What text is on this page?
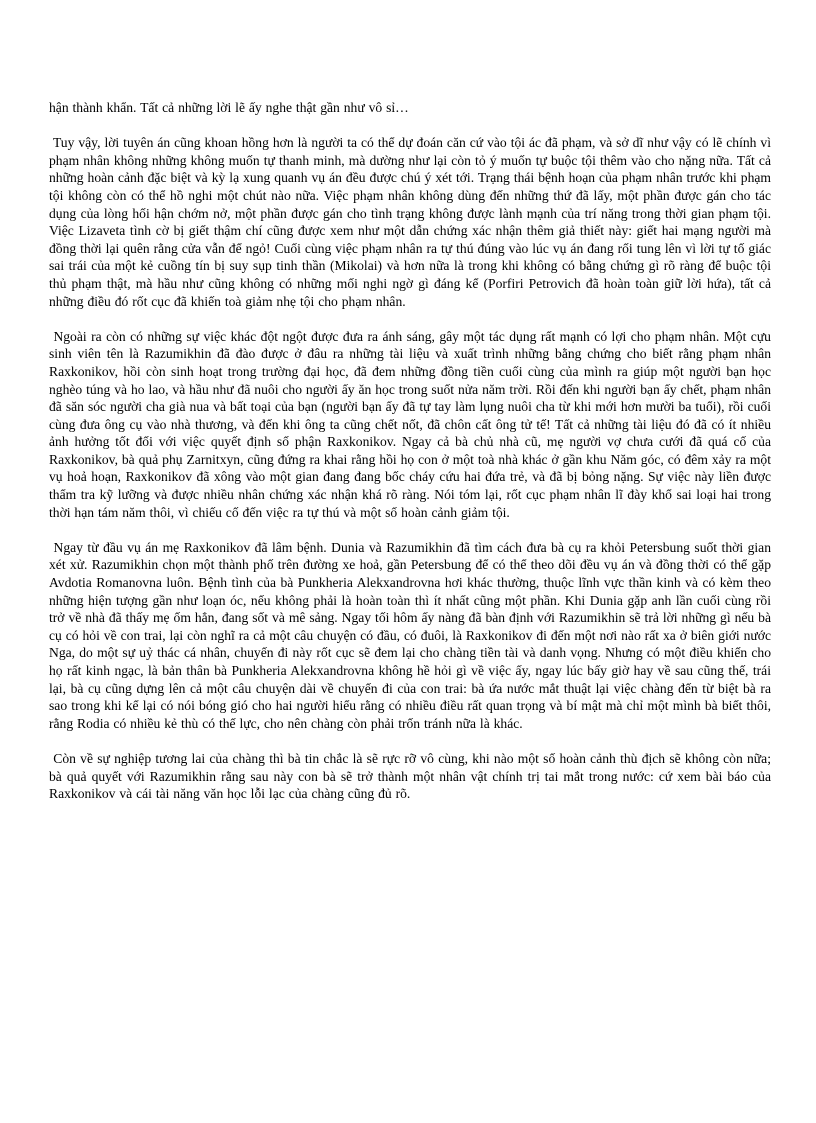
hận thành khẩn. Tất cả những lời lẽ ấy nghe thật gần như vô sỉ…

Tuy vậy, lời tuyên án cũng khoan hồng hơn là người ta có thể dự đoán căn cứ vào tội ác đã phạm, và sở dĩ như vậy có lẽ chính vì phạm nhân không những không muốn tự thanh minh, mà dường như lại còn tỏ ý muốn tự buộc tội thêm vào cho nặng nữa. Tất cả những hoàn cảnh đặc biệt và kỳ lạ xung quanh vụ án đều được chú ý xét tới. Trạng thái bệnh hoạn của phạm nhân trước khi phạm tội không còn có thể hồ nghi một chút nào nữa. Việc phạm nhân không dùng đến những thứ đã lấy, một phần được gán cho tác dụng của lòng hối hận chớm nở, một phần được gán cho tình trạng không được lành mạnh của trí năng trong thời gian phạm tội. Việc Lizaveta tình cờ bị giết thậm chí cũng được xem như một dẫn chứng xác nhận thêm giả thiết này: giết hai mạng người mà đồng thời lại quên rằng cửa vẫn để ngỏ! Cuối cùng việc phạm nhân ra tự thú đúng vào lúc vụ án đang rối tung lên vì lời tự tố giác sai trái của một kẻ cuồng tín bị suy sụp tinh thần (Mikolai) và hơn nữa là trong khi không có bằng chứng gì rõ ràng để buộc tội thủ phạm thật, mà hầu như cũng không có những mối nghi ngờ gì đáng kể (Porfiri Petrovich đã hoàn toàn giữ lời hứa), tất cả những điều đó rốt cục đã khiến toà giảm nhẹ tội cho phạm nhân.

Ngoài ra còn có những sự việc khác đột ngột được đưa ra ánh sáng, gây một tác dụng rất mạnh có lợi cho phạm nhân. Một cựu sinh viên tên là Razumikhin đã đào được ở đâu ra những tài liệu và xuất trình những bằng chứng cho biết rằng phạm nhân Raxkonikov, hồi còn sinh hoạt trong trường đại học, đã đem những đồng tiền cuối cùng của mình ra giúp một người bạn học nghèo túng và ho lao, và hầu như đã nuôi cho người ấy ăn học trong suốt nửa năm trời. Rồi đến khi người bạn ấy chết, phạm nhân đã săn sóc người cha già nua và bất toại của bạn (người bạn ấy đã tự tay làm lụng nuôi cha từ khi mới hơn mười ba tuổi), rồi cuối cùng đưa ông cụ vào nhà thương, và đến khi ông ta cũng chết nốt, đã chôn cất ông tử tế! Tất cả những tài liệu đó đã có ít nhiều ảnh hưởng tốt đối với việc quyết định số phận Raxkonikov. Ngay cả bà chủ nhà cũ, mẹ người vợ chưa cưới đã quá cố của Raxkonikov, bà quả phụ Zarnitxyn, cũng đứng ra khai rằng hồi họ con ở một toà nhà khác ở gần khu Năm góc, có đêm xảy ra một vụ hoả hoạn, Raxkonikov đã xông vào một gian đang đang bốc cháy cứu hai đứa trẻ, và đã bị bỏng nặng. Sự việc này liền được thẩm tra kỹ lưỡng và được nhiều nhân chứng xác nhận khá rõ ràng. Nói tóm lại, rốt cục phạm nhân lĩ đày khổ sai loại hai trong thời hạn tám năm thôi, vì chiếu cố đến việc ra tự thú và một số hoàn cảnh giảm tội.

Ngay từ đầu vụ án mẹ Raxkonikov đã lâm bệnh. Dunia và Razumikhin đã tìm cách đưa bà cụ ra khỏi Petersbung suốt thời gian xét xử. Razumikhin chọn một thành phố trên đường xe hoả, gần Petersbung để có thể theo dõi đều vụ án và đồng thời có thể gặp Avdotia Romanovna luôn. Bệnh tình của bà Punkheria Alekxandrovna hơi khác thường, thuộc lĩnh vực thần kinh và có kèm theo những hiện tượng gần như loạn óc, nếu không phải là hoàn toàn thì ít nhất cũng một phần. Khi Dunia gặp anh lần cuối cùng rồi trở về nhà đã thấy mẹ ốm hẳn, đang sốt và mê sảng. Ngay tối hôm ấy nàng đã bàn định với Razumikhin sẽ trả lời những gì nếu bà cụ có hỏi về con trai, lại còn nghĩ ra cả một câu chuyện có đầu, có đuôi, là Raxkonikov đi đến một nơi nào rất xa ở biên giới nước Nga, do một sự uỷ thác cá nhân, chuyến đi này rốt cục sẽ đem lại cho chàng tiền tài và danh vọng. Nhưng có một điều khiến cho họ rất kinh ngạc, là bản thân bà Punkheria Alekxandrovna không hề hỏi gì về việc ấy, ngay lúc bấy giờ hay về sau cũng thế, trái lại, bà cụ cũng dựng lên cả một câu chuyện dài về chuyến đi của con trai: bà ứa nước mắt thuật lại việc chàng đến từ biệt bà ra sao trong khi kể lại có nói bóng gió cho hai người hiểu rằng có nhiều điều rất quan trọng và bí mật mà chỉ một mình bà biết thôi, rằng Rodia có nhiều kẻ thù có thế lực, cho nên chàng còn phải trốn tránh nữa là khác.

Còn về sự nghiệp tương lai của chàng thì bà tin chắc là sẽ rực rỡ vô cùng, khi nào một số hoàn cảnh thù địch sẽ không còn nữa; bà quả quyết với Razumikhin rằng sau này con bà sẽ trở thành một nhân vật chính trị tai mắt trong nước: cứ xem bài báo của Raxkonikov và cái tài năng văn học lỗi lạc của chàng cũng đủ rõ.
